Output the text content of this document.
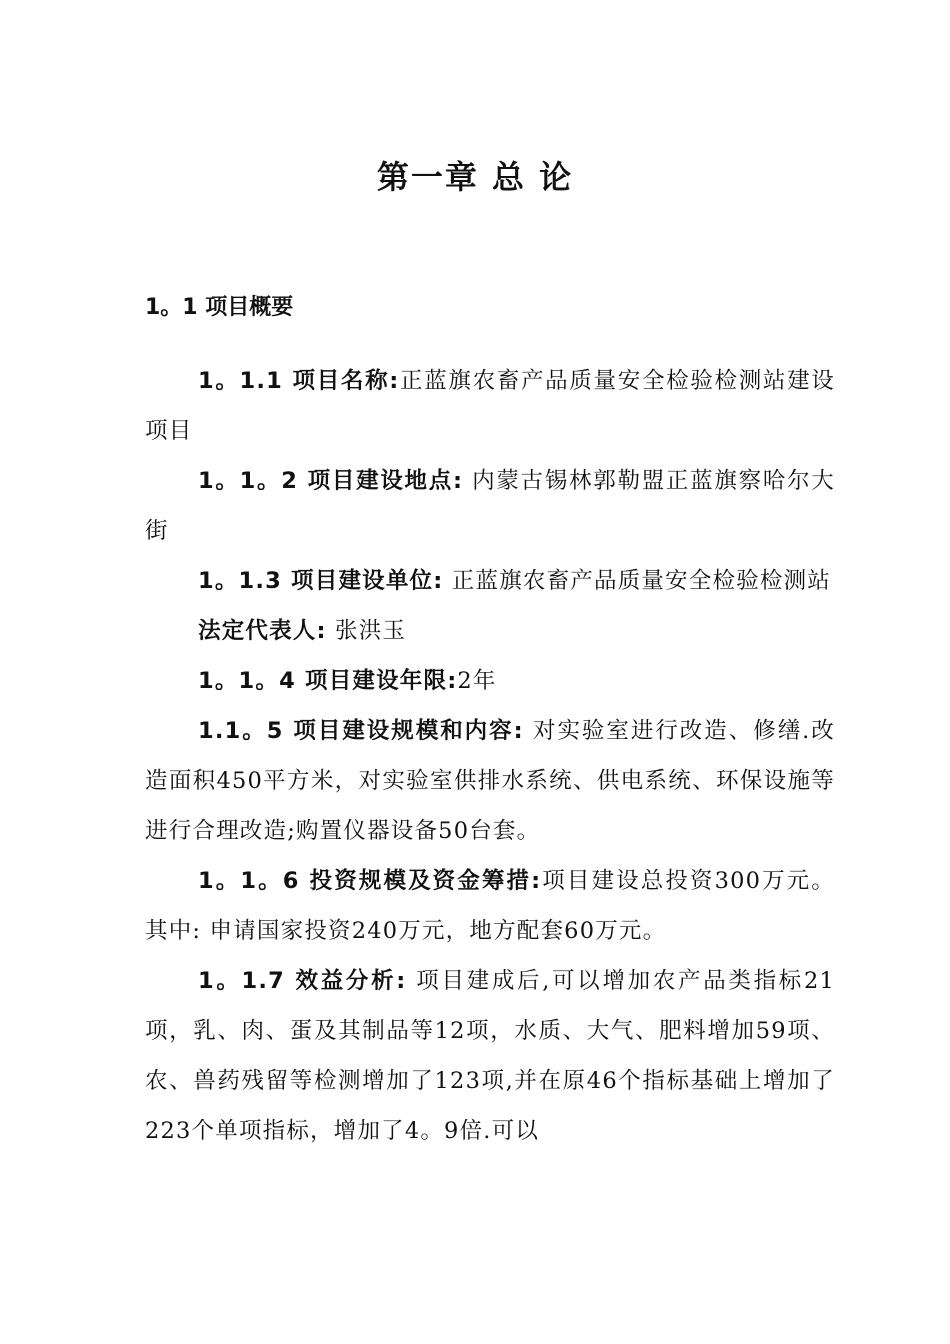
第一章 总 论
1。1 项目概要

1。1.1 项目名称:正蓝旗农畜产品质量安全检验检测站建设项目

1。1。2 项目建设地点: 内蒙古锡林郭勒盟正蓝旗察哈尔大街

1。1.3 项目建设单位: 正蓝旗农畜产品质量安全检验检测站

法定代表人: 张洪玉

1。1。4 项目建设年限:2年

1.1。5 项目建设规模和内容: 对实验室进行改造、修缮.改造面积450平方米，对实验室供排水系统、供电系统、环保设施等进行合理改造;购置仪器设备50台套。

1。1。6 投资规模及资金筹措:项目建设总投资300万元。其中: 申请国家投资240万元，地方配套60万元。

1。1.7 效益分析: 项目建成后,可以增加农产品类指标21项，乳、肉、蛋及其制品等12项，水质、大气、肥料增加59项、农、兽药残留等检测增加了123项,并在原46个指标基础上增加了223个单项指标，增加了4。9倍.可以
